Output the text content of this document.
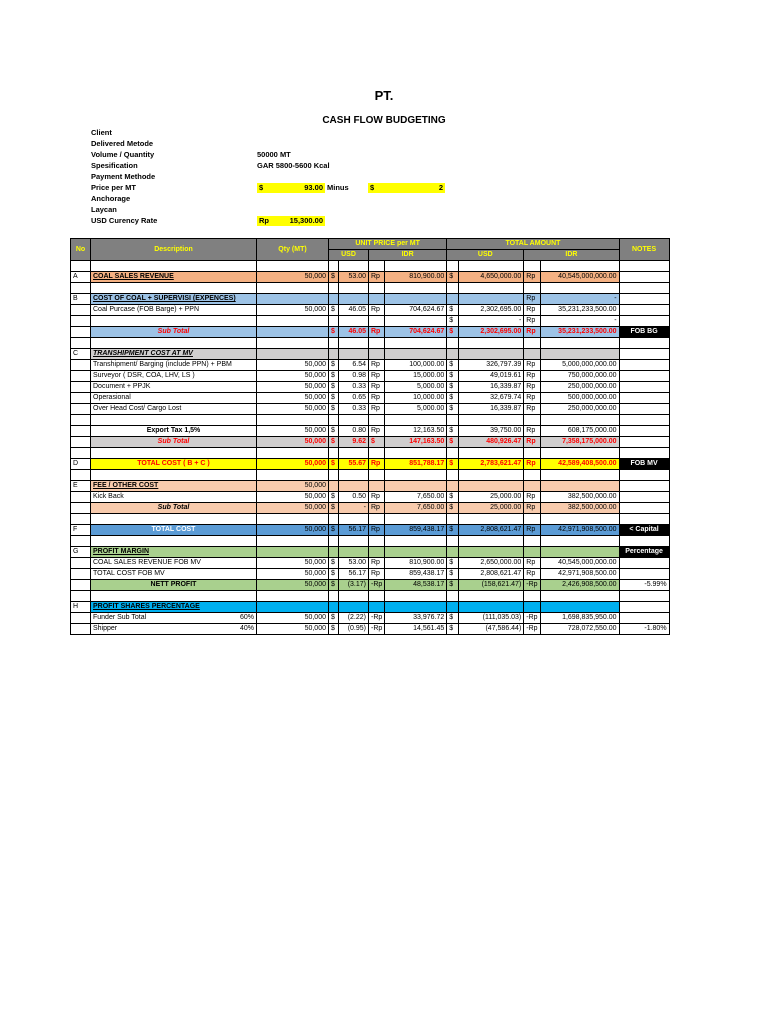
PT.
CASH FLOW BUDGETING
Client
Delivered Metode
Volume / Quantity	50000 MT
Spesification	GAR 5800-5600 Kcal
Payment Methode
Price per MT	$	93.00 Minus	$	2
Anchorage
Laycan
USD Curency Rate	Rp	15,300.00
No	Description	Qty (MT)	UNIT PRICE per MT				TOTAL AMOUNT				NOTES
			USD		IDR		USD		IDR		

A	COAL SALES REVENUE	50,000	$	53.00	Rp	810,900.00	$	4,650,000.00	Rp	40,545,000,000.00	

B	COST OF COAL + SUPERVISI (EXPENCES)								Rp	-	
	Coal Purcase (FOB Barge) + PPN	50,000	$	46.05	Rp	704,624.67	$	2,302,695.00	Rp	35,231,233,500.00	
							$	-	Rp	-	
	Sub Total		$	46.05	Rp	704,624.67	$	2,302,695.00	Rp	35,231,233,500.00	FOB BG

C	TRANSHIPMENT COST AT MV										
	Transhipment/ Barging (include PPN) + PBM	50,000	$	6.54	Rp	100,000.00	$	326,797.39	Rp	5,000,000,000.00	
	Surveyor ( DSR, COA, LHV, LS )	50,000	$	0.98	Rp	15,000.00	$	49,019.61	Rp	750,000,000.00	
	Document + PPJK	50,000	$	0.33	Rp	5,000.00	$	16,339.87	Rp	250,000,000.00	
	Operasional	50,000	$	0.65	Rp	10,000.00	$	32,679.74	Rp	500,000,000.00	
	Over Head Cost/ Cargo Lost	50,000	$	0.33	Rp	5,000.00	$	16,339.87	Rp	250,000,000.00	

	Export Tax 1,5%	50,000	$	0.80	Rp	12,163.50	$	39,750.00	Rp	608,175,000.00	
	Sub Total	50,000	$	9.62	$	147,163.50	$	480,926.47	Rp	7,358,175,000.00	

D	TOTAL COST ( B + C )	50,000	$	55.67	Rp	851,788.17	$	2,783,621.47	Rp	42,589,408,500.00	FOB MV

E	FEE / OTHER COST	50,000									
	Kick Back	50,000	$	0.50	Rp	7,650.00	$	25,000.00	Rp	382,500,000.00	
	Sub Total	50,000	$	-	Rp	7,650.00	$	25,000.00	Rp	382,500,000.00	

F	TOTAL COST	50,000	$	56.17	Rp	859,438.17	$	2,808,621.47	Rp	42,971,908,500.00	< Capital

G	PROFIT MARGIN										Percentage
	COAL SALES REVENUE FOB MV	50,000	$	53.00	Rp	810,900.00	$	2,650,000.00	Rp	40,545,000,000.00	
	TOTAL COST FOB MV	50,000	$	56.17	Rp	859,438.17	$	2,808,621.47	Rp	42,971,908,500.00	
	NETT PROFIT	50,000	$	(3.17)	-Rp	48,538.17	$	(158,621.47)	-Rp	2,426,908,500.00	-5.99%

H	PROFIT SHARES PERCENTAGE										
	Funder Sub Total 60%	50,000	$	(2.22)	-Rp	33,976.72	$	(111,035.03)	-Rp	1,698,835,950.00	
	Shipper 40%	50,000	$	(0.95)	-Rp	14,561.45	$	(47,586.44)	-Rp	728,072,550.00	-1.80%
